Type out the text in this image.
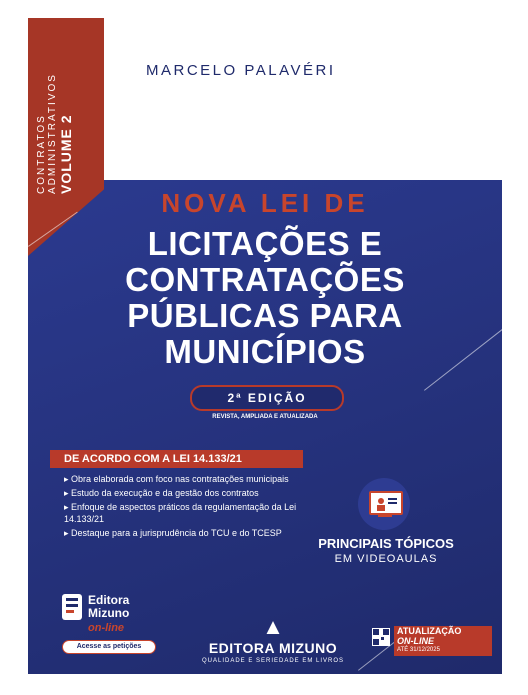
MARCELO PALAVÉRI
CONTRATOS ADMINISTRATIVOS VOLUME 2
NOVA LEI DE
LICITAÇÕES E
CONTRATAÇÕES
PÚBLICAS PARA
MUNICÍPIOS
2ª EDIÇÃO
REVISTA, AMPLIADA E ATUALIZADA
DE ACORDO COM A LEI 14.133/21
▸ Obra elaborada com foco nas contratações municipais
▸ Estudo da execução e da gestão dos contratos
▸ Enfoque de aspectos práticos da regulamentação da Lei 14.133/21
▸ Destaque para a jurisprudência do TCU e do TCESP
PRINCIPAIS TÓPICOS
EM VIDEOAULAS
Editora
Mizuno
on-line
Acesse as petições
▲
EDITORA MIZUNO
QUALIDADE E SERIEDADE EM LIVROS
ATUALIZAÇÃO
ON-LINE
ATÉ 31/12/2025
